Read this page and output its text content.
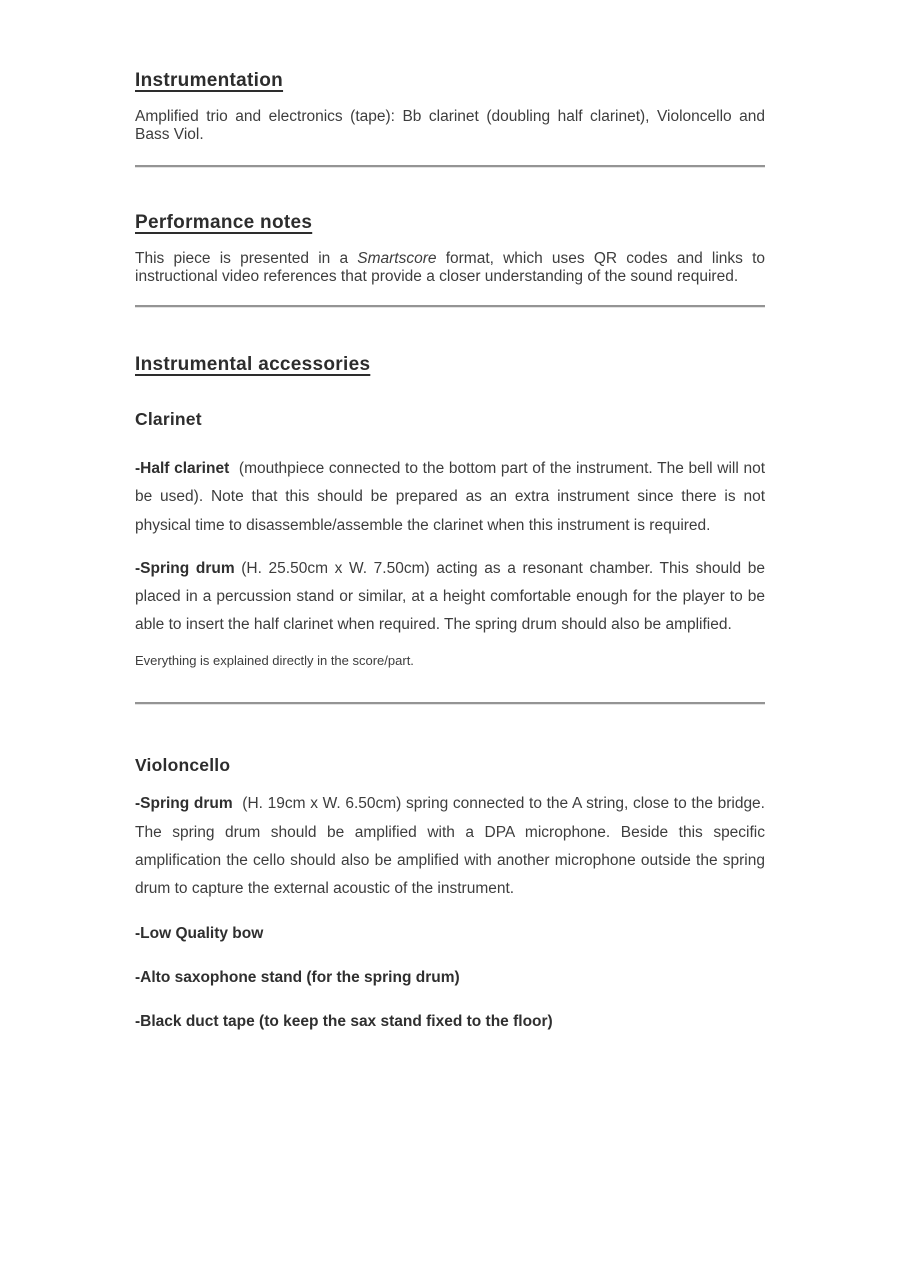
Instrumentation

Amplified trio and electronics (tape): Bb clarinet (doubling half clarinet), Violoncello and Bass Viol.

Performance notes

This piece is presented in a Smartscore format, which uses QR codes and links to instructional video references that provide a closer understanding of the sound required.

Instrumental accessories
Clarinet

-Half clarinet (mouthpiece connected to the bottom part of the instrument. The bell will not be used). Note that this should be prepared as an extra instrument since there is not physical time to disassemble/assemble the clarinet when this instrument is required.

-Spring drum (H. 25.50cm x W. 7.50cm) acting as a resonant chamber. This should be placed in a percussion stand or similar, at a height comfortable enough for the player to be able to insert the half clarinet when required. The spring drum should also be amplified.

Everything is explained directly in the score/part.

Violoncello

-Spring drum (H. 19cm x W. 6.50cm) spring connected to the A string, close to the bridge. The spring drum should be amplified with a DPA microphone. Beside this specific amplification the cello should also be amplified with another microphone outside the spring drum to capture the external acoustic of the instrument.

-Low Quality bow

-Alto saxophone stand (for the spring drum)

-Black duct tape (to keep the sax stand fixed to the floor)
